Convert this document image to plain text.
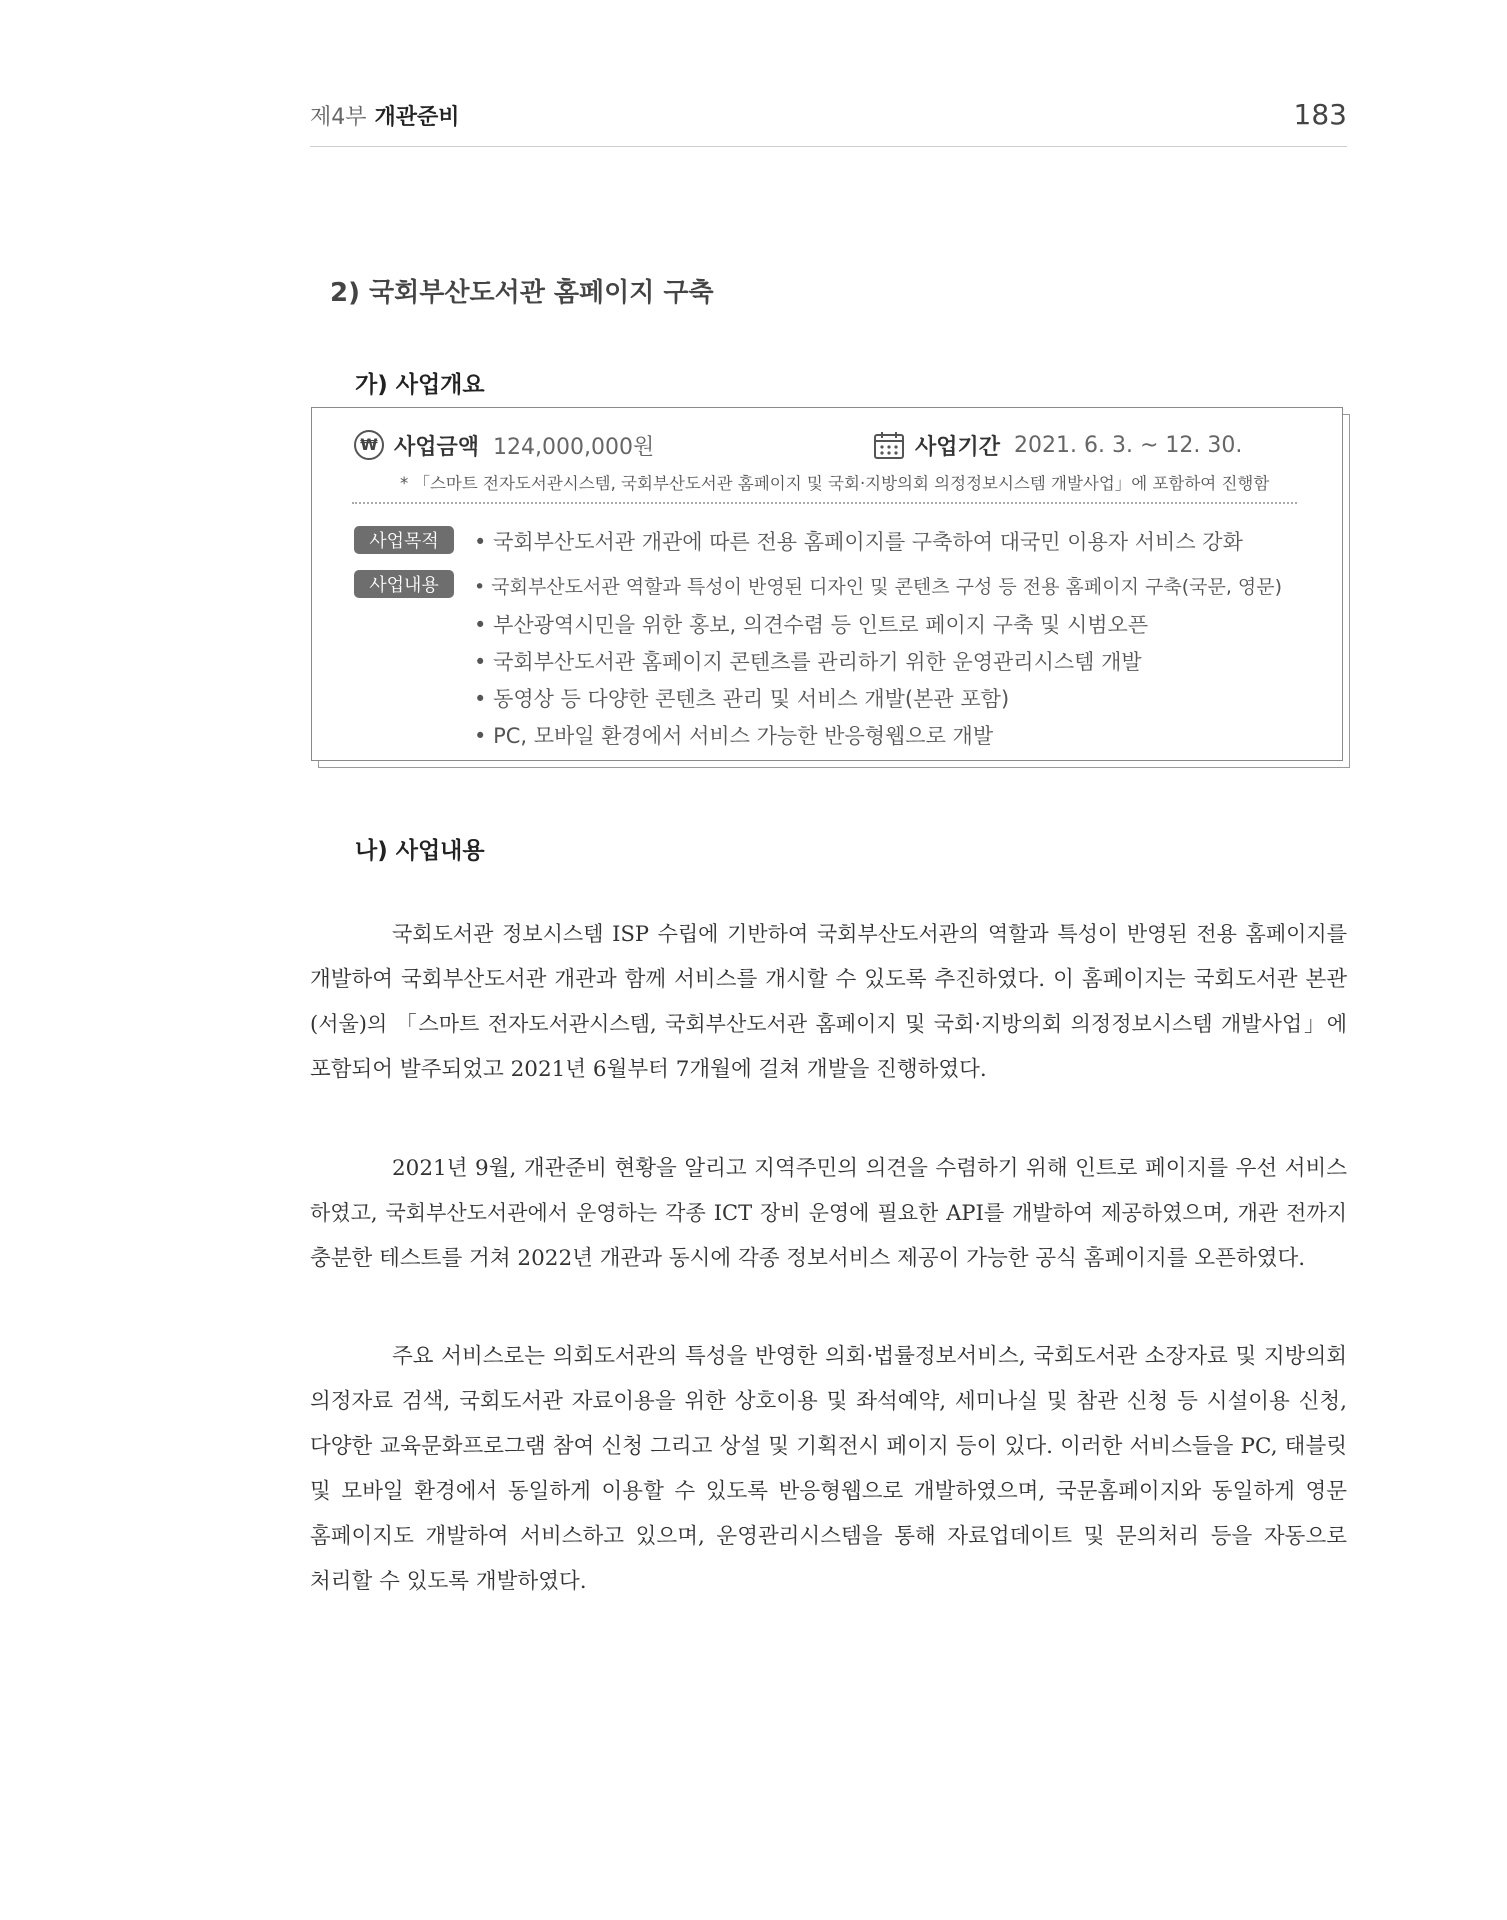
제4부 개관준비	183
2) 국회부산도서관 홈페이지 구축
가) 사업개요
₩ 사업금액 124,000,000원	사업기간 2021. 6. 3. ~ 12. 30.
* 「스마트 전자도서관시스템, 국회부산도서관 홈페이지 및 국회·지방의회 의정정보시스템 개발사업」에 포함하여 진행함
사업목적	• 국회부산도서관 개관에 따른 전용 홈페이지를 구축하여 대국민 이용자 서비스 강화
사업내용	• 국회부산도서관 역할과 특성이 반영된 디자인 및 콘텐츠 구성 등 전용 홈페이지 구축(국문, 영문)
• 부산광역시민을 위한 홍보, 의견수렴 등 인트로 페이지 구축 및 시범오픈
• 국회부산도서관 홈페이지 콘텐츠를 관리하기 위한 운영관리시스템 개발
• 동영상 등 다양한 콘텐츠 관리 및 서비스 개발(본관 포함)
• PC, 모바일 환경에서 서비스 가능한 반응형웹으로 개발
나) 사업내용
국회도서관 정보시스템 ISP 수립에 기반하여 국회부산도서관의 역할과 특성이 반영된 전용 홈페이지를
개발하여 국회부산도서관 개관과 함께 서비스를 개시할 수 있도록 추진하였다. 이 홈페이지는 국회도서관 본관
(서울)의 「스마트 전자도서관시스템, 국회부산도서관 홈페이지 및 국회·지방의회 의정정보시스템 개발사업」에
포함되어 발주되었고 2021년 6월부터 7개월에 걸쳐 개발을 진행하였다.
2021년 9월, 개관준비 현황을 알리고 지역주민의 의견을 수렴하기 위해 인트로 페이지를 우선 서비스
하였고, 국회부산도서관에서 운영하는 각종 ICT 장비 운영에 필요한 API를 개발하여 제공하였으며, 개관 전까지
충분한 테스트를 거쳐 2022년 개관과 동시에 각종 정보서비스 제공이 가능한 공식 홈페이지를 오픈하였다.
주요 서비스로는 의회도서관의 특성을 반영한 의회·법률정보서비스, 국회도서관 소장자료 및 지방의회
의정자료 검색, 국회도서관 자료이용을 위한 상호이용 및 좌석예약, 세미나실 및 참관 신청 등 시설이용 신청,
다양한 교육문화프로그램 참여 신청 그리고 상설 및 기획전시 페이지 등이 있다. 이러한 서비스들을 PC, 태블릿
및 모바일 환경에서 동일하게 이용할 수 있도록 반응형웹으로 개발하였으며, 국문홈페이지와 동일하게 영문
홈페이지도 개발하여 서비스하고 있으며, 운영관리시스템을 통해 자료업데이트 및 문의처리 등을 자동으로
처리할 수 있도록 개발하였다.
